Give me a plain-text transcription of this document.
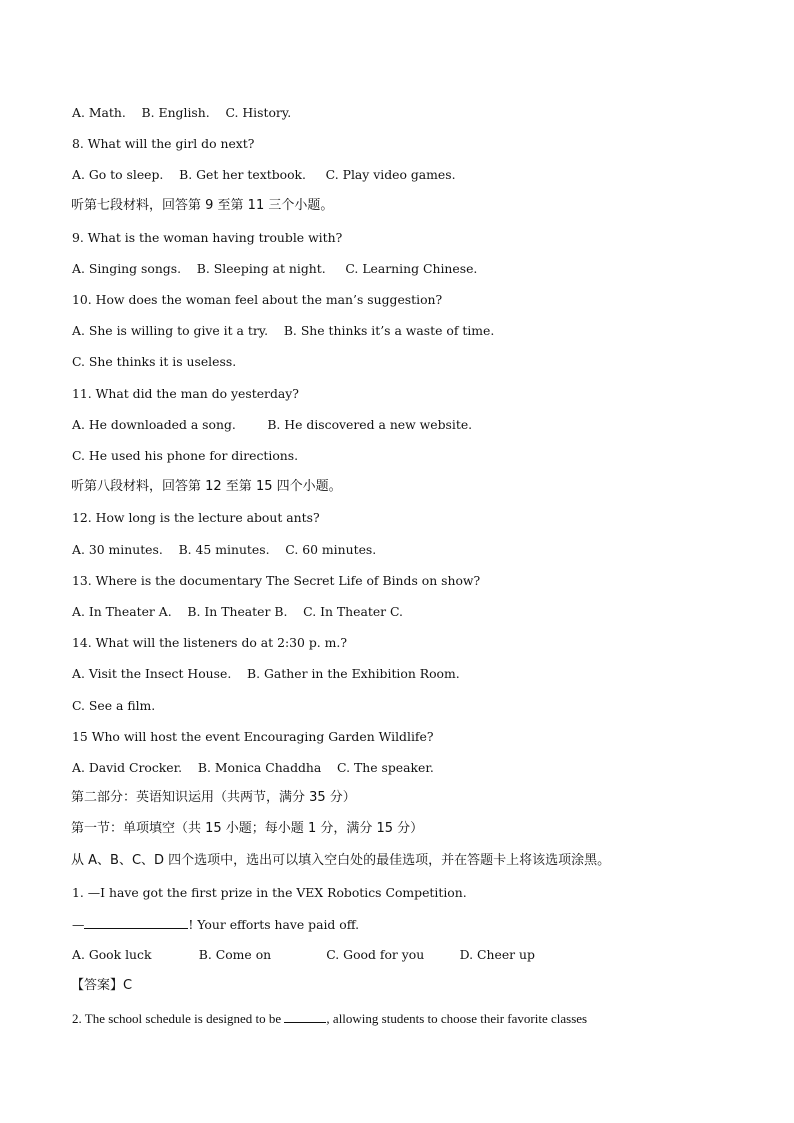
A. Math.    B. English.    C. History.
8. What will the girl do next?
A. Go to sleep.    B. Get her textbook.     C. Play video games.
听第七段材料，回答第 9 至第 11 三个小题。
9. What is the woman having trouble with?
A. Singing songs.    B. Sleeping at night.     C. Learning Chinese.
10. How does the woman feel about the man’s suggestion?
A. She is willing to give it a try.    B. She thinks it’s a waste of time.
C. She thinks it is useless.
11. What did the man do yesterday?
A. He downloaded a song.        B. He discovered a new website.
C. He used his phone for directions.
听第八段材料，回答第 12 至第 15 四个小题。
12. How long is the lecture about ants?
A. 30 minutes.    B. 45 minutes.    C. 60 minutes.
13. Where is the documentary The Secret Life of Binds on show?
A. In Theater A.    B. In Theater B.    C. In Theater C.
14. What will the listeners do at 2:30 p. m.?
A. Visit the Insect House.    B. Gather in the Exhibition Room.
C. See a film.
15 Who will host the event Encouraging Garden Wildlife?
A. David Crocker.    B. Monica Chaddha    C. The speaker.
第二部分：英语知识运用（共两节，满分 35 分）
第一节：单项填空（共 15 小题；每小题 1 分，满分 15 分）
从 A、B、C、D 四个选项中，选出可以填入空白处的最佳选项，并在答题卡上将该选项涂黑。
1. —I have got the first prize in the VEX Robotics Competition.
—	! Your efforts have paid off.
A. Gook luck            B. Come on              C. Good for you         D. Cheer up
【答案】C
2. The school schedule is designed to be	, allowing students to choose their favorite classes
